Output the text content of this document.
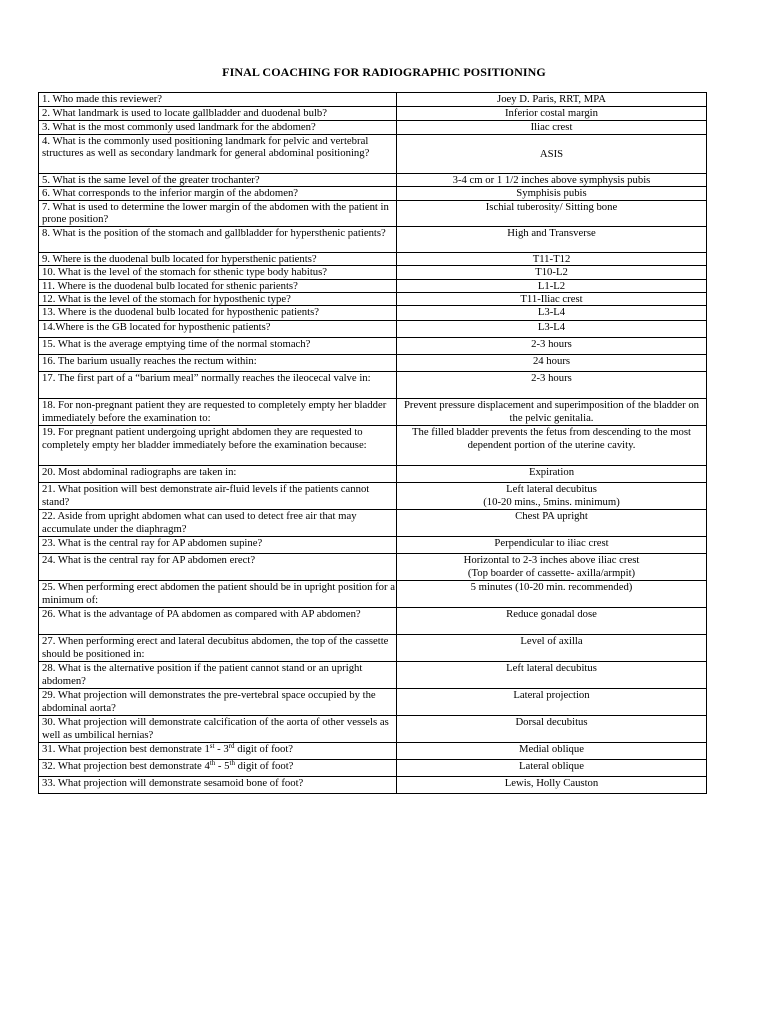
FINAL COACHING FOR RADIOGRAPHIC POSITIONING
1. Who made this reviewer?	Joey D. Paris, RRT, MPA
2. What landmark is used to locate gallbladder and duodenal bulb?	Inferior costal margin
3. What is the most commonly used landmark for the abdomen?	Iliac crest
4. What is the commonly used positioning landmark for pelvic and vertebral structures as well as secondary landmark for general abdominal positioning?	ASIS
5. What is the same level of the greater trochanter?	3-4 cm or 1 1/2 inches above symphysis pubis
6. What corresponds to the inferior margin of the abdomen?	Symphisis pubis
7. What is used to determine the lower margin of the abdomen with the patient in prone position?	Ischial tuberosity/ Sitting bone
8. What is the position of the stomach and gallbladder for hypersthenic patients?	High and Transverse
9. Where is the duodenal bulb located for hypersthenic patients?	T11-T12
10. What is the level of the stomach for sthenic type body habitus?	T10-L2
11. Where is the duodenal bulb located for sthenic parients?	L1-L2
12. What is the level of the stomach for hyposthenic type?	T11-Iliac crest
13. Where is the duodenal bulb located for hyposthenic patients?	L3-L4
14.Where is the GB located for hyposthenic patients?	L3-L4
15. What is the average emptying time of the normal stomach?	2-3 hours
16. The barium usually reaches the rectum within:	24 hours
17. The first part of a “barium meal” normally reaches the ileocecal valve in:	2-3 hours
18. For non-pregnant patient they are requested to completely empty her bladder immediately before the examination to:	Prevent pressure displacement and superimposition of the bladder on the pelvic genitalia.
19. For pregnant patient undergoing upright abdomen they are requested to completely empty her bladder immediately before the examination because:	The filled bladder prevents the fetus from descending to the most dependent portion of the uterine cavity.
20. Most abdominal radiographs are taken in:	Expiration
21. What position will best demonstrate air-fluid levels if the patients cannot stand?	Left lateral decubitus
(10-20 mins., 5mins. minimum)

22. Aside from upright abdomen what can used to detect free air that may accumulate under the diaphragm?	Chest PA upright
23. What is the central ray for AP abdomen supine?	Perpendicular to iliac crest
24. What is the central ray for AP abdomen erect?	Horizontal to 2-3 inches above iliac crest
(Top boarder of cassette- axilla/armpit)

25. When performing erect abdomen the patient should be in upright position for a minimum of:	5 minutes (10-20 min. recommended)
26. What is the advantage of PA abdomen as compared with AP abdomen?	Reduce gonadal dose
27. When performing erect and lateral decubitus abdomen, the top of the cassette should be positioned in:	Level of axilla
28. What is the alternative position if the patient cannot stand or an upright abdomen?	Left lateral decubitus
29. What projection will demonstrates the pre-vertebral space occupied by the abdominal aorta?	Lateral projection
30. What projection will demonstrate calcification of the aorta of other vessels as well as umbilical hernias?	Dorsal decubitus
31. What projection best demonstrate 1st - 3rd digit of foot?	Medial oblique
32. What projection best demonstrate 4th - 5th digit of foot?	Lateral oblique
33. What projection will demonstrate sesamoid bone of foot?	Lewis, Holly Causton
